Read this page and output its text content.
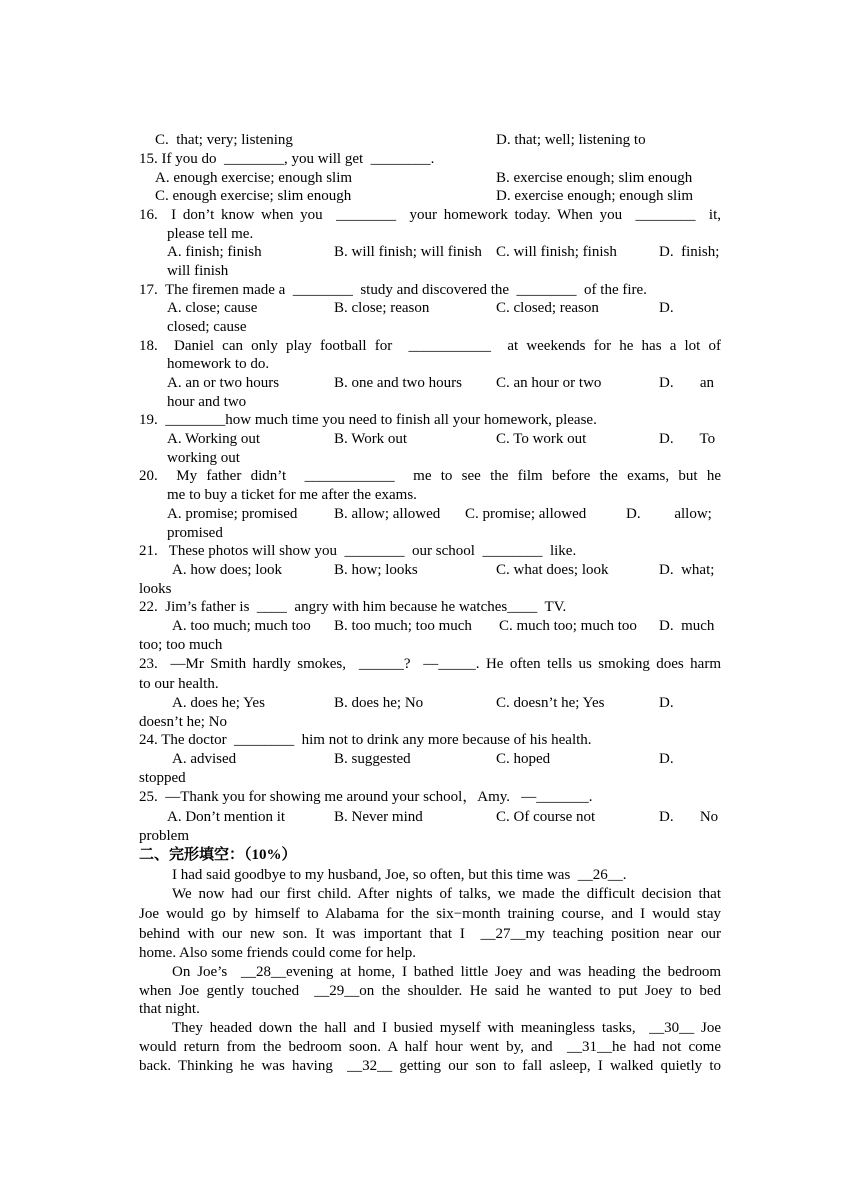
C.  that; very; listening	D. that; well; listening to
15. If you do  ________, you will get  ________.
A. enough exercise; enough slim	B. exercise enough; slim enough
C. enough exercise; slim enough	D. exercise enough; enough slim
16.  I don’t know when you  ________  your homework today. When you  ________  it,
please tell me.
A. finish; finish	B. will finish; will finish C. will finish; finish	D.  finish;
will finish
17.  The firemen made a  ________  study and discovered the  ________  of the fire.
A. close; cause	B. close; reason	C. closed; reason	D.
closed; cause
18.  Daniel can only play football for  ___________  at weekends for he has a lot of
homework to do.
A. an or two hours	B. one and two hours C. an hour or two	D.       an
hour and two
19.  ________how much time you need to finish all your homework, please.
A. Working out	B. Work out	C. To work out	D.       To
working out
20.  My father didn’t  ____________  me to see the film before the exams, but he
me to buy a ticket for me after the exams.
A. promise; promised B. allow; allowed C. promise; allowed	D.         allow;
promised
21.   These photos will show you  ________  our school  ________  like.
A. how does; look	B. how; looks	C. what does; look	D.  what;
looks
22.  Jim’s father is  ____  angry with him because he watches____  TV.
A. too much; much too B. too much; too much C. much too; much too D.  much
too; too much
23.  —Mr Smith hardly smokes,  ______?  —_____. He often tells us smoking does harm
to our health.
A. does he; Yes	B. does he; No	C. doesn’t he; Yes	D.
doesn’t he; No
24. The doctor  ________  him not to drink any more because of his health.
A. advised	B. suggested	C. hoped	D.
stopped
25.  —Thank you for showing me around your school，Amy.   —_______.
A. Don’t mention it	B. Never mind	C. Of course not	D.       No
problem
二、完形填空：（10%）
I had said goodbye to my husband, Joe, so often, but this time was  __26__.
We now had our first child. After nights of talks, we made the difficult decision that
Joe would go by himself to Alabama for the six−month training course, and I would stay
behind with our new son. It was important that I  __27__my teaching position near our
home. Also some friends could come for help.
On Joe’s  __28__evening at home, I bathed little Joey and was heading the bedroom
when Joe gently touched  __29__on the shoulder. He said he wanted to put Joey to bed
that night.
They headed down the hall and I busied myself with meaningless tasks,  __30__ Joe
would return from the bedroom soon. A half hour went by, and  __31__he had not come
back. Thinking he was having  __32__ getting our son to fall asleep, I walked quietly to
